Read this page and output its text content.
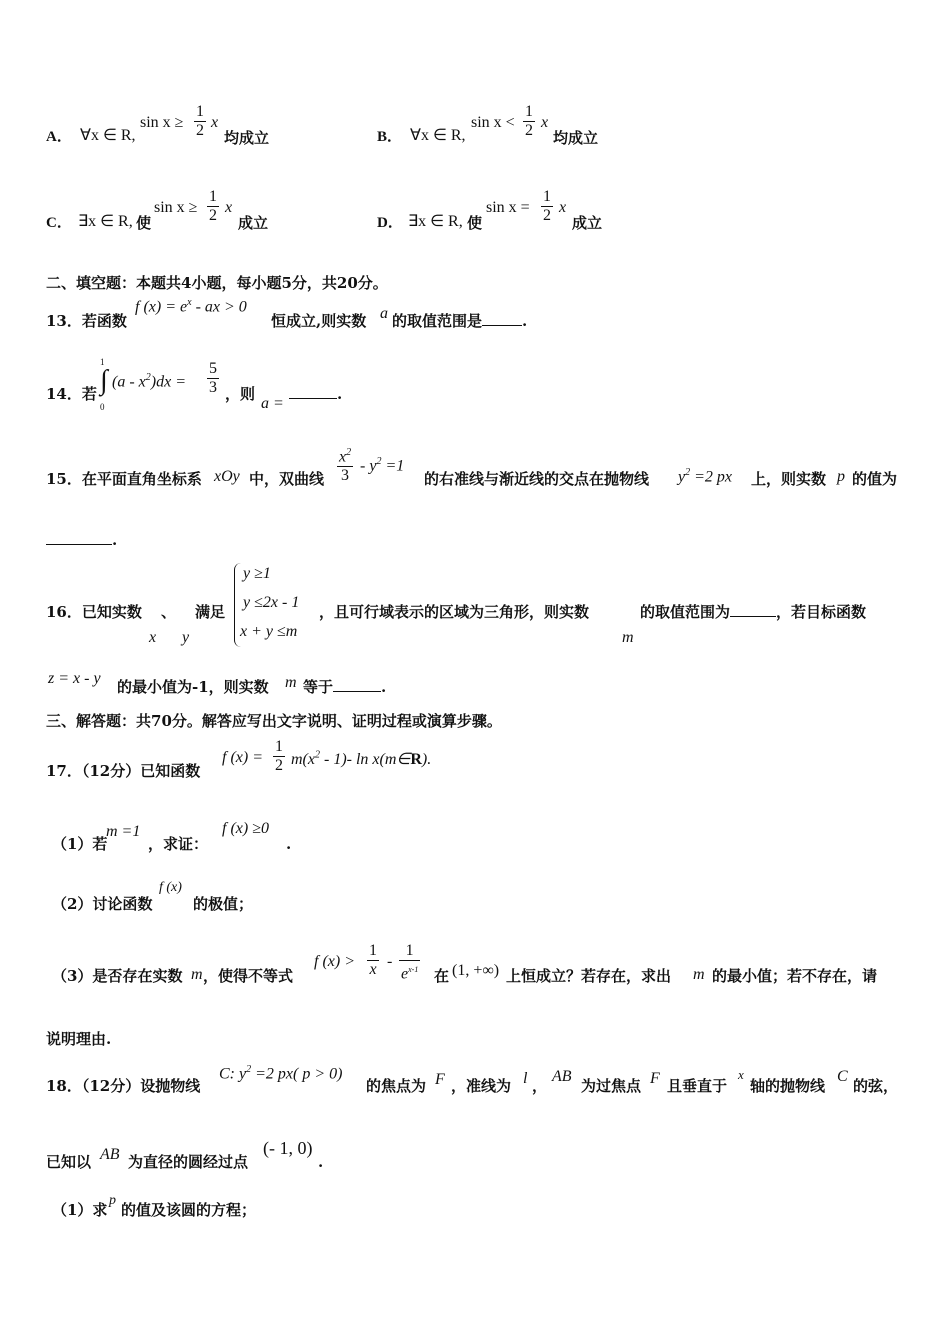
A． ∀x ∈ R,
$\sin x \ge \frac{1}{2}$ x
均成立	B． ∀x ∈ R,
$\sin x < \frac{1}{2}$ x
均成立
C． ∃x ∈ R, 使
$\sin x \ge \frac{1}{2}$ x
成立	D． ∃x ∈ R, 使
$\sin x = \frac{1}{2}$ x
成立
二、填空题：本题共4小题，每小题5分，共20分。
13．若函数
f $(x) = e^x$ - ax > 0
恒成立,则实数 a 的取值范围是	.
14．若
1
0
∫ $(a - x^2)dx = \frac{5}{3}$ ，则
a =
.
15．在平面直角坐标系 xOy 中，双曲线 $\frac{x^2}{3} - y^2 =1$
的右准线与渐近线的交点在抛物线 $y^2 =2$ px 上，则实数 p 的值为
.
16．已知实数 、 满足
x y
y ≥1
y ≤2x - 1
x + y ≤m
，且可行域表示的区域为三角形，则实数
m
的取值范围为	，若目标函数
z = x - y 的最小值为-1，则实数 m 等于	.
三、解答题：共70分。解答应写出文字说明、证明过程或演算步骤。
17．（12分）已知函数
f $(x) = \frac{1}{2} m(x^2 - 1)-$ ln x(m∈R).
（1）若
m =1
，求证：
f (x) ≥0
.
（2）讨论函数
f (x)
的极值；
（3）是否存在实数 m ，使得不等式
f $(x) > \frac{1}{x} - \frac{1}{e^{x-1}}$ 在 (1, +∞) 上恒成立？若存在，求出 m 的最小值；若不存在，请
说明理由.
18．（12分）设抛物线
C: $y^2 =2$ px( p > 0)
的焦点为 F ，准线为 l ，
AB
为过焦点 F 且垂直于
x
轴的抛物线
C
的弦，
已知以 AB 为直径的圆经过点
(- 1, 0)
.
（1）求
p
的值及该圆的方程；
